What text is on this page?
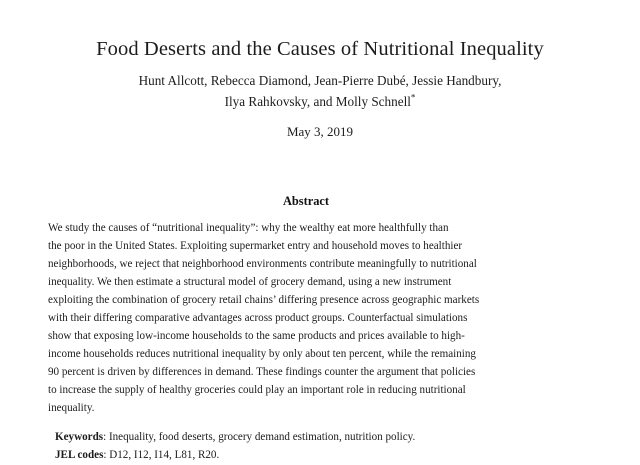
Food Deserts and the Causes of Nutritional Inequality
Hunt Allcott, Rebecca Diamond, Jean-Pierre Dubé, Jessie Handbury,
Ilya Rahkovsky, and Molly Schnell*
May 3, 2019
Abstract
We study the causes of “nutritional inequality”: why the wealthy eat more healthfully than
the poor in the United States. Exploiting supermarket entry and household moves to healthier
neighborhoods, we reject that neighborhood environments contribute meaningfully to nutritional
inequality. We then estimate a structural model of grocery demand, using a new instrument
exploiting the combination of grocery retail chains’ differing presence across geographic markets
with their differing comparative advantages across product groups. Counterfactual simulations
show that exposing low-income households to the same products and prices available to high-
income households reduces nutritional inequality by only about ten percent, while the remaining
90 percent is driven by differences in demand. These findings counter the argument that policies
to increase the supply of healthy groceries could play an important role in reducing nutritional
inequality.
Keywords: Inequality, food deserts, grocery demand estimation, nutrition policy.
JEL codes: D12, I12, I14, L81, R20.
